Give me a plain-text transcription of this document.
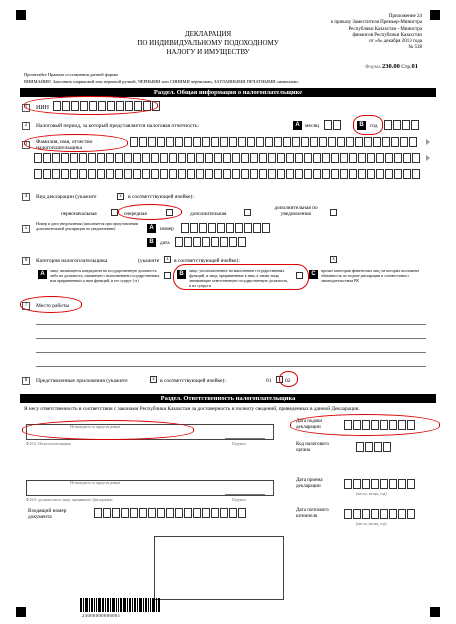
Приложение 24
к приказу Заместителя Премьер-Министра
Республики Казахстан - Министра
финансов Республики Казахстан
от «6» декабря 2013 года
№ 538
Форма 230.00 Стр.01
ДЕКЛАРАЦИЯ
ПО ИНДИВИДУАЛЬНОМУ ПОДОХОДНОМУ
НАЛОГУ И ИМУЩЕСТВУ
Прочитайте Правила составления данной формы
ВНИМАНИЕ! Заполнять шариковой или перьевой ручкой, ЧЕРНЫМИ или СИНИМИ чернилами, ЗАГЛАВНЫМИ ПЕЧАТНЫМИ символами.
Раздел. Общая информация о налогоплательщике
1	ИИН
2	Налоговый период, за который представляется налоговая отчетность:	A месяц	B	год
3	Фамилия, имя, отчество налогоплательщика
4	Вид декларации (укажите	x	в соответствующей ячейке):
первоначальная	очередная	дополнительная
дополнительная по уведомлению
5
Номер и дата уведомления (заполняется при представлении дополнительной декларации по уведомлению)	A	номер
B	дата
6	Категория налогоплательщика	(укажите	x в соответствующей ячейке):	x
A
лицо, являющееся кандидатом на государственную должность либо на должность, связанную с выполнением государственных или приравненных к ним функций, и его супруг (-а)
B
лицо, уполномоченное на выполнение государственных функций, и лица, приравненные к ним, а также лица, занимающие ответственную государственную должность, и их супруги
C
прочие категории физических лиц, на которых возложена обязанность по подаче декларации в соответствии с законодательством РК
7	Место работы
8	Представленные приложения (укажите	x в соответствующей ячейке):	01 02
Раздел. Ответственность налогоплательщика
Я несу ответственность в соответствии с законами Республики Казахстан за достоверность и полноту сведений, приведенных в данной Декларации.
Не выходить за пределы рамки
Ф.И.О. Налогоплательщика	Подпись
Дата подачи декларации
Код налогового органа
Не выходить за пределы рамки
Ф.И.О. должностного лица, принявшего Декларацию	Подпись
Дата приема декларации
(число, месяц, год)
Входящий номер документа
Дата почтового штемпеля
(число, месяц, год)
23000000000001
